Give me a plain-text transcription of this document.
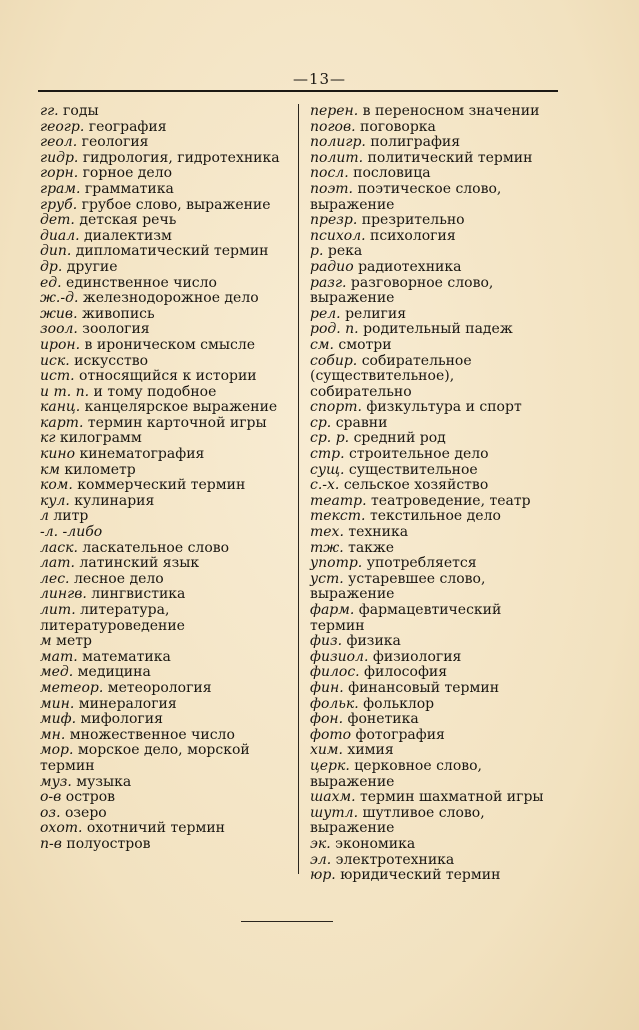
—13—

гг. годы

геогр. география

геол. геология

гидр. гидрология, гидротехника

горн. горное дело

грам. грамматика

груб. грубое слово, выражение

дет. детская речь

диал. диалектизм

дип. дипломатический термин

др. другие

ед. единственное число

ж.-д. железнодорожное дело

жив. живопись

зоол. зоология

ирон. в ироническом смысле

иск. искусство

ист. относящийся к истории

и т. п. и тому подобное

канц. канцелярское выражение

карт. термин карточной игры

кг килограмм

кино кинематография

км километр

ком. коммерческий термин

кул. кулинария

л литр

-л. -либо

ласк. ласкательное слово

лат. латинский язык

лес. лесное дело

лингв. лингвистика

лит. литература, литературоведение

м метр

мат. математика

мед. медицина

метеор. метеорология

мин. минералогия

миф. мифология

мн. множественное число

мор. морское дело, морской термин

муз. музыка

о-в остров

оз. озеро

охот. охотничий термин

п-в полуостров

перен. в переносном значении

погов. поговорка

полигр. полиграфия

полит. политический термин

посл. пословица

поэт. поэтическое слово, выражение

презр. презрительно

психол. психология

р. река

радио радиотехника

разг. разговорное слово, выражение

рел. религия

род. п. родительный падеж

см. смотри

собир. собирательное (существительное), собирательно

спорт. физкультура и спорт

ср. сравни

ср. р. средний род

стр. строительное дело

сущ. существительное

с.-х. сельское хозяйство

театр. театроведение, театр

текст. текстильное дело

тех. техника

тж. также

употр. употребляется

уст. устаревшее слово, выражение

фарм. фармацевтический термин

физ. физика

физиол. физиология

филос. философия

фин. финансовый термин

фольк. фольклор

фон. фонетика

фото фотография

хим. химия

церк. церковное слово, выражение

шахм. термин шахматной игры

шутл. шутливое слово, выражение

эк. экономика

эл. электротехника

юр. юридический термин
